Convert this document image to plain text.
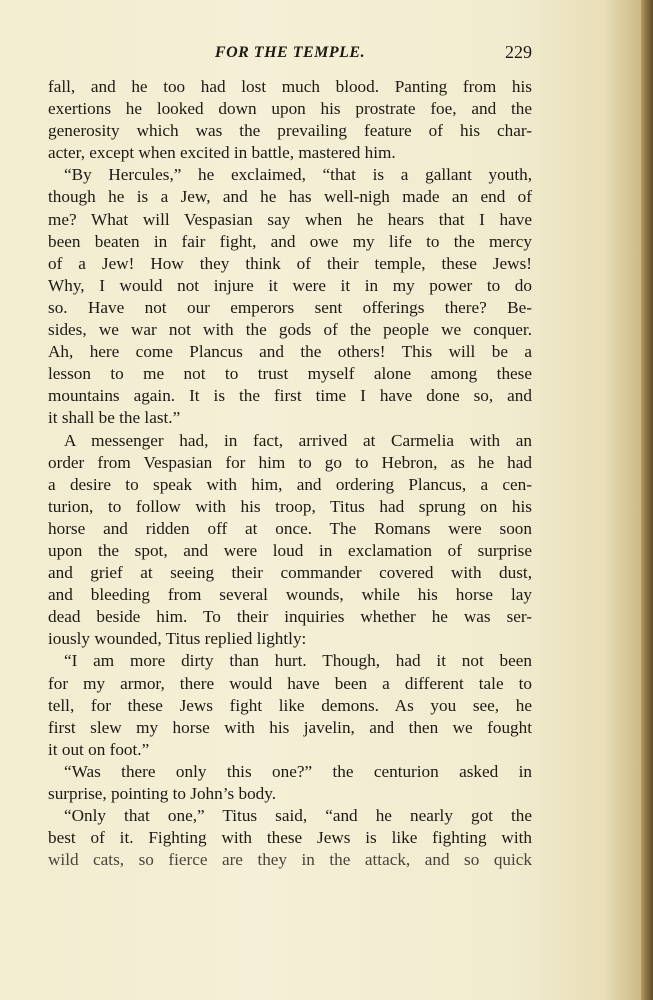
FOR THE TEMPLE.	229
fall, and he too had lost much blood. Panting from his
exertions he looked down upon his prostrate foe, and the
generosity which was the prevailing feature of his char-
acter, except when excited in battle, mastered him.
“By Hercules,” he exclaimed, “that is a gallant youth,
though he is a Jew, and he has well-nigh made an end of
me? What will Vespasian say when he hears that I have
been beaten in fair fight, and owe my life to the mercy
of a Jew! How they think of their temple, these Jews!
Why, I would not injure it were it in my power to do
so. Have not our emperors sent offerings there? Be-
sides, we war not with the gods of the people we conquer.
Ah, here come Plancus and the others! This will be a
lesson to me not to trust myself alone among these
mountains again. It is the first time I have done so, and
it shall be the last.”
A messenger had, in fact, arrived at Carmelia with an
order from Vespasian for him to go to Hebron, as he had
a desire to speak with him, and ordering Plancus, a cen-
turion, to follow with his troop, Titus had sprung on his
horse and ridden off at once. The Romans were soon
upon the spot, and were loud in exclamation of surprise
and grief at seeing their commander covered with dust,
and bleeding from several wounds, while his horse lay
dead beside him. To their inquiries whether he was ser-
iously wounded, Titus replied lightly:
“I am more dirty than hurt. Though, had it not been
for my armor, there would have been a different tale to
tell, for these Jews fight like demons. As you see, he
first slew my horse with his javelin, and then we fought
it out on foot.”
“Was there only this one?” the centurion asked in
surprise, pointing to John’s body.
“Only that one,” Titus said, “and he nearly got the
best of it. Fighting with these Jews is like fighting with
wild cats, so fierce are they in the attack, and so quick
